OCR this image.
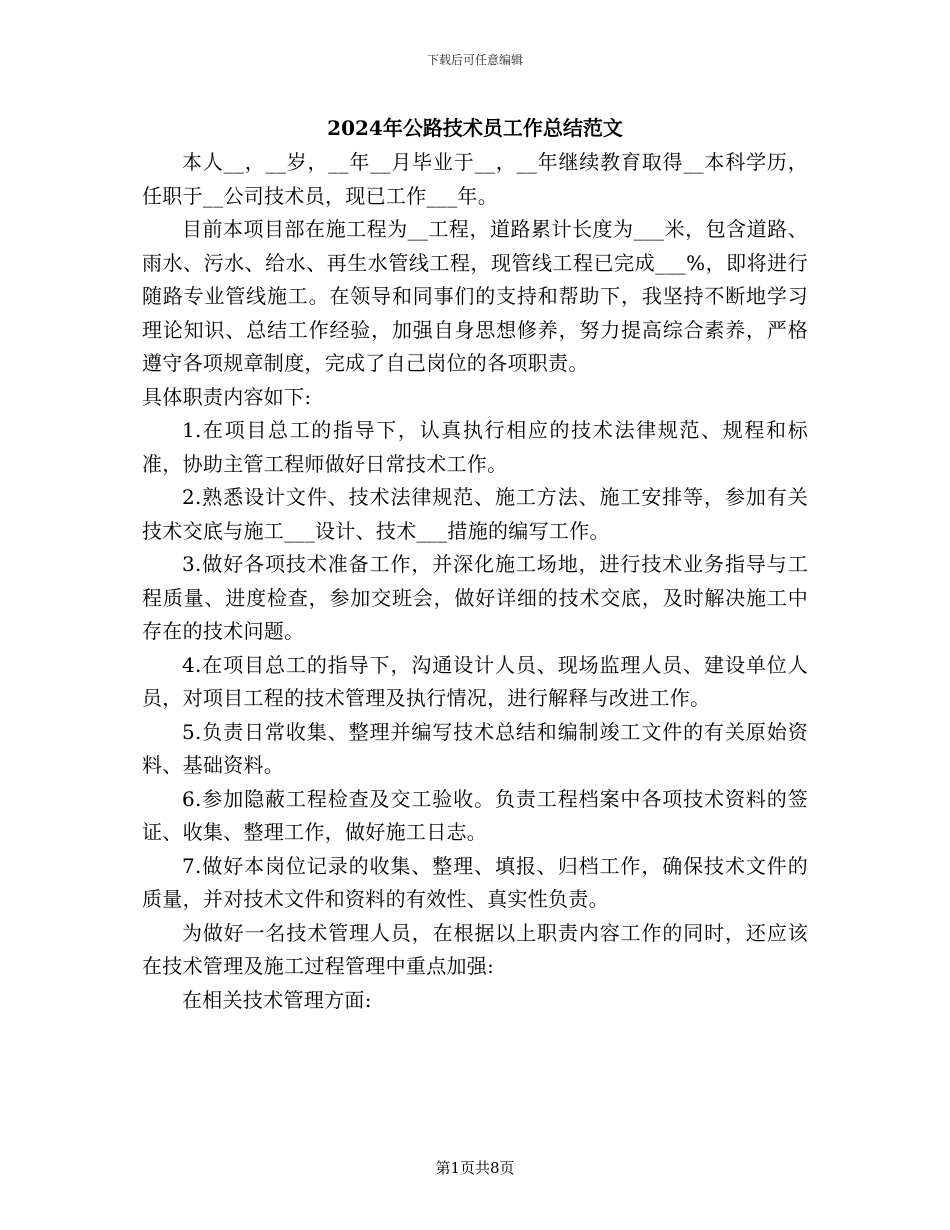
下载后可任意编辑
2024年公路技术员工作总结范文

本人__，__岁，__年__月毕业于__，__年继续教育取得__本科学历，任职于__公司技术员，现已工作___年。

目前本项目部在施工程为__工程，道路累计长度为___米，包含道路、雨水、污水、给水、再生水管线工程，现管线工程已完成___%，即将进行随路专业管线施工。在领导和同事们的支持和帮助下，我坚持不断地学习理论知识、总结工作经验，加强自身思想修养，努力提高综合素养，严格遵守各项规章制度，完成了自己岗位的各项职责。

具体职责内容如下:

1.在项目总工的指导下，认真执行相应的技术法律规范、规程和标准，协助主管工程师做好日常技术工作。

2.熟悉设计文件、技术法律规范、施工方法、施工安排等，参加有关技术交底与施工___设计、技术___措施的编写工作。

3.做好各项技术准备工作，并深化施工场地，进行技术业务指导与工程质量、进度检查，参加交班会，做好详细的技术交底，及时解决施工中存在的技术问题。

4.在项目总工的指导下，沟通设计人员、现场监理人员、建设单位人员，对项目工程的技术管理及执行情况，进行解释与改进工作。

5.负责日常收集、整理并编写技术总结和编制竣工文件的有关原始资料、基础资料。

6.参加隐蔽工程检查及交工验收。负责工程档案中各项技术资料的签证、收集、整理工作，做好施工日志。

7.做好本岗位记录的收集、整理、填报、归档工作，确保技术文件的质量，并对技术文件和资料的有效性、真实性负责。

为做好一名技术管理人员，在根据以上职责内容工作的同时，还应该在技术管理及施工过程管理中重点加强:

在相关技术管理方面:

第1页共8页
